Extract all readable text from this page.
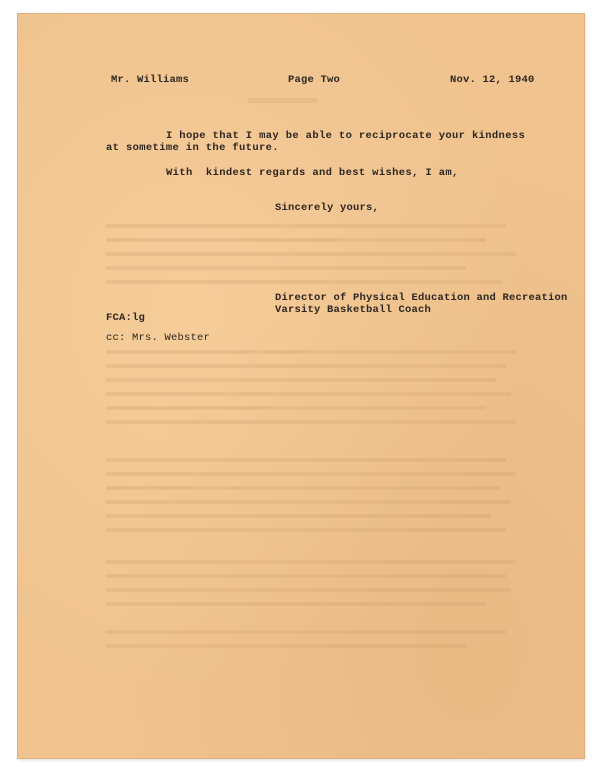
Mr. Williams	Page Two	Nov. 12, 1940
I hope that I may be able to reciprocate your kindness
at sometime in the future.
With  kindest regards and best wishes, I am,
Sincerely yours,
Director of Physical Education and Recreation
Varsity Basketball Coach
FCA:lg
cc: Mrs. Webster
